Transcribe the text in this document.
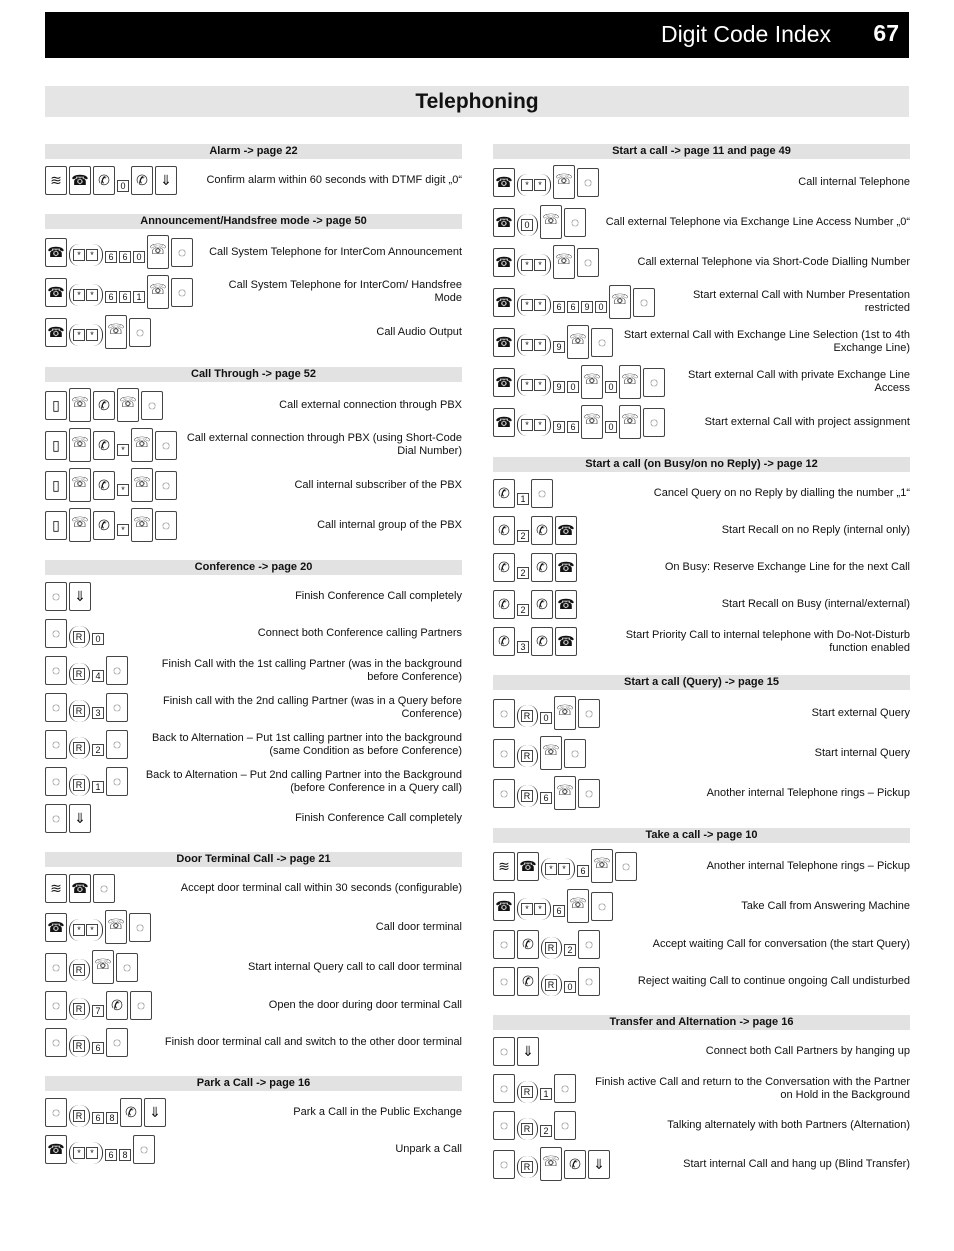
Digit Code Index 67
Telephoning
Alarm -> page 22
≋ ☎ ✆	0 ✆ ⇓	Confirm alarm within 60 seconds with DTMF digit „0“
Announcement/Handsfree mode -> page 50
☎	*	*	6 6 0 ☏ ◌	Call System Telephone for InterCom Announcement
☎	*	*	6 6 1 ☏ ◌	Call System Telephone for InterCom/ Handsfree Mode
☎	*	* ☏ ◌	Call Audio Output
Call Through -> page 52
▯ ☏ ✆ ☏ ◌	Call external connection through PBX
▯ ☏ ✆	* ☏ ◌	Call external connection through PBX (using Short-Code Dial Number)
▯ ☏ ✆	* ☏ ◌	Call internal subscriber of the PBX
▯ ☏ ✆	* ☏ ◌	Call internal group of the PBX
Conference -> page 20
◌ ⇓	Finish Conference Call completely
◌	R	0	Connect both Conference calling Partners
◌	R	4 ◌	Finish Call with the 1st calling Partner (was in the background before Conference)
◌	R	3 ◌	Finish call with the 2nd calling Partner (was in a Query before Conference)
◌	R	2 ◌	Back to Alternation – Put 1st calling partner into the background (same Condition as before Conference)
◌	R	1 ◌	Back to Alternation – Put 2nd calling Partner into the Background (before Conference in a Query call)
◌ ⇓	Finish Conference Call completely
Door Terminal Call -> page 21
≋ ☎ ◌	Accept door terminal call within 30 seconds (configurable)
☎	*	* ☏ ◌	Call door terminal
◌	R ☏ ◌	Start internal Query call to call door terminal
◌	R	7 ✆ ◌	Open the door during door terminal Call
◌	R	6 ◌	Finish door terminal call and switch to the other door terminal
Park a Call -> page 16
◌	R	6 8 ✆ ⇓	Park a Call in the Public Exchange
☎	*	*	6 8 ◌	Unpark a Call
Start a call -> page 11 and page 49
☎	*	* ☏ ◌	Call internal Telephone
☎	0 ☏ ◌	Call external Telephone via Exchange Line Access Number „0“
☎	*	* ☏ ◌	Call external Telephone via Short-Code Dialling Number
☎	*	*	6 6 9 0 ☏ ◌	Start external Call with Number Presentation restricted
☎	*	*	9 ☏ ◌	Start external Call with Exchange Line Selection (1st to 4th Exchange Line)
☎	*	*	9 0 ☏ 0 ☏ ◌	Start external Call with private Exchange Line Access
☎	*	*	9 6 ☏ 0 ☏ ◌	Start external Call with project assignment
Start a call (on Busy/on no Reply) -> page 12
✆	1 ◌	Cancel Query on no Reply by dialling the number „1“
✆	2 ✆ ☎	Start Recall on no Reply (internal only)
✆	2 ✆ ☎	On Busy: Reserve Exchange Line for the next Call
✆	2 ✆ ☎	Start Recall on Busy (internal/external)
✆	3 ✆ ☎	Start Priority Call to internal telephone with Do-Not-Disturb function enabled
Start a call (Query) -> page 15
◌	R	0 ☏ ◌	Start external Query
◌	R ☏ ◌	Start internal Query
◌	R	6 ☏ ◌	Another internal Telephone rings – Pickup
Take a call -> page 10
≋ ☎	*	*	6 ☏ ◌	Another internal Telephone rings – Pickup
☎	*	*	6 ☏ ◌	Take Call from Answering Machine
◌ ✆	R	2 ◌	Accept waiting Call for conversation (the start Query)
◌ ✆	R	0 ◌	Reject waiting Call to continue ongoing Call undisturbed
Transfer and Alternation -> page 16
◌ ⇓	Connect both Call Partners by hanging up
◌	R	1 ◌	Finish active Call and return to the Conversation with the Partner on Hold in the Background
◌	R	2 ◌	Talking alternately with both Partners (Alternation)
◌	R ☏ ✆ ⇓	Start internal Call and hang up (Blind Transfer)
